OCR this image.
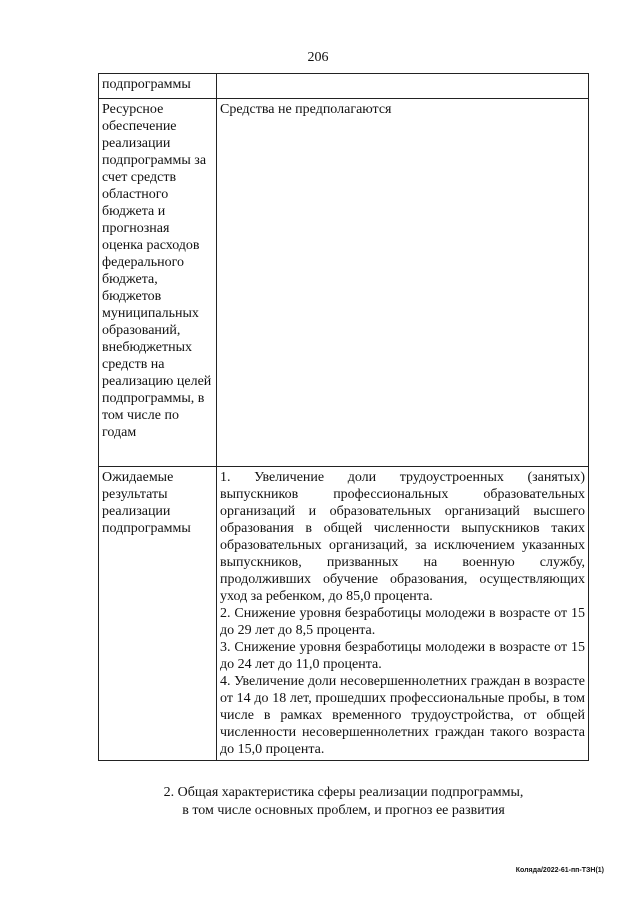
206
подпрограммы	
Ресурсное обеспечение реализации подпрограммы за счет средств областного бюджета и прогнозная оценка расходов федерального бюджета, бюджетов муниципальных образований, внебюджетных средств на реализацию целей подпрограммы, в том числе по годам	Средства не предполагаются
Ожидаемые результаты реализации подпрограммы	1. Увеличение доли трудоустроенных (занятых) выпускников профессиональных образовательных организаций и образовательных организаций высшего образования в общей численности выпускников таких образовательных организаций, за исключением указанных выпускников, призванных на военную службу, продолживших обучение образования, осуществляющих уход за ребенком, до 85,0 процента.

2. Снижение уровня безработицы молодежи в возрасте от 15 до 29 лет до 8,5 процента.

3. Снижение уровня безработицы молодежи в возрасте от 15 до 24 лет до 11,0 процента.

4. Увеличение доли несовершеннолетних граждан в возрасте от 14 до 18 лет, прошедших профессиональные пробы, в том числе в рамках временного трудоустройства, от общей численности несовершеннолетних граждан такого возраста до 15,0 процента.

2. Общая характеристика сферы реализации подпрограммы,
в том числе основных проблем, и прогноз ее развития
Коляда/2022-61-пп-ТЗН(1)
